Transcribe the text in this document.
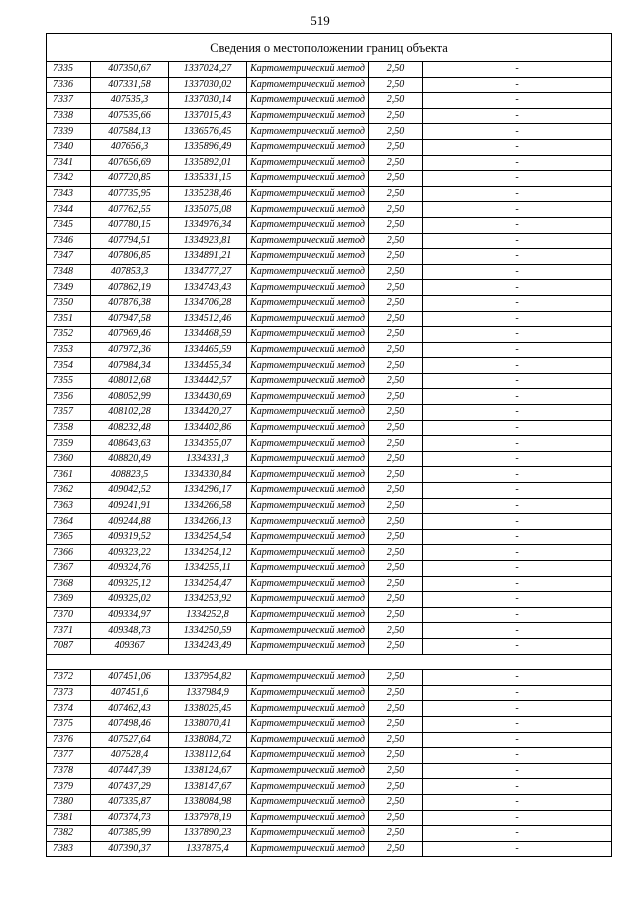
519
Сведения о местоположении границ объекта					
7335	407350,67	1337024,27	Картометрический метод	2,50	-
7336	407331,58	1337030,02	Картометрический метод	2,50	-
7337	407535,3	1337030,14	Картометрический метод	2,50	-
7338	407535,66	1337015,43	Картометрический метод	2,50	-
7339	407584,13	1336576,45	Картометрический метод	2,50	-
7340	407656,3	1335896,49	Картометрический метод	2,50	-
7341	407656,69	1335892,01	Картометрический метод	2,50	-
7342	407720,85	1335331,15	Картометрический метод	2,50	-
7343	407735,95	1335238,46	Картометрический метод	2,50	-
7344	407762,55	1335075,08	Картометрический метод	2,50	-
7345	407780,15	1334976,34	Картометрический метод	2,50	-
7346	407794,51	1334923,81	Картометрический метод	2,50	-
7347	407806,85	1334891,21	Картометрический метод	2,50	-
7348	407853,3	1334777,27	Картометрический метод	2,50	-
7349	407862,19	1334743,43	Картометрический метод	2,50	-
7350	407876,38	1334706,28	Картометрический метод	2,50	-
7351	407947,58	1334512,46	Картометрический метод	2,50	-
7352	407969,46	1334468,59	Картометрический метод	2,50	-
7353	407972,36	1334465,59	Картометрический метод	2,50	-
7354	407984,34	1334455,34	Картометрический метод	2,50	-
7355	408012,68	1334442,57	Картометрический метод	2,50	-
7356	408052,99	1334430,69	Картометрический метод	2,50	-
7357	408102,28	1334420,27	Картометрический метод	2,50	-
7358	408232,48	1334402,86	Картометрический метод	2,50	-
7359	408643,63	1334355,07	Картометрический метод	2,50	-
7360	408820,49	1334331,3	Картометрический метод	2,50	-
7361	408823,5	1334330,84	Картометрический метод	2,50	-
7362	409042,52	1334296,17	Картометрический метод	2,50	-
7363	409241,91	1334266,58	Картометрический метод	2,50	-
7364	409244,88	1334266,13	Картометрический метод	2,50	-
7365	409319,52	1334254,54	Картометрический метод	2,50	-
7366	409323,22	1334254,12	Картометрический метод	2,50	-
7367	409324,76	1334255,11	Картометрический метод	2,50	-
7368	409325,12	1334254,47	Картометрический метод	2,50	-
7369	409325,02	1334253,92	Картометрический метод	2,50	-
7370	409334,97	1334252,8	Картометрический метод	2,50	-
7371	409348,73	1334250,59	Картометрический метод	2,50	-
7087	409367	1334243,49	Картометрический метод	2,50	-

7372	407451,06	1337954,82	Картометрический метод	2,50	-
7373	407451,6	1337984,9	Картометрический метод	2,50	-
7374	407462,43	1338025,45	Картометрический метод	2,50	-
7375	407498,46	1338070,41	Картометрический метод	2,50	-
7376	407527,64	1338084,72	Картометрический метод	2,50	-
7377	407528,4	1338112,64	Картометрический метод	2,50	-
7378	407447,39	1338124,67	Картометрический метод	2,50	-
7379	407437,29	1338147,67	Картометрический метод	2,50	-
7380	407335,87	1338084,98	Картометрический метод	2,50	-
7381	407374,73	1337978,19	Картометрический метод	2,50	-
7382	407385,99	1337890,23	Картометрический метод	2,50	-
7383	407390,37	1337875,4	Картометрический метод	2,50	-
